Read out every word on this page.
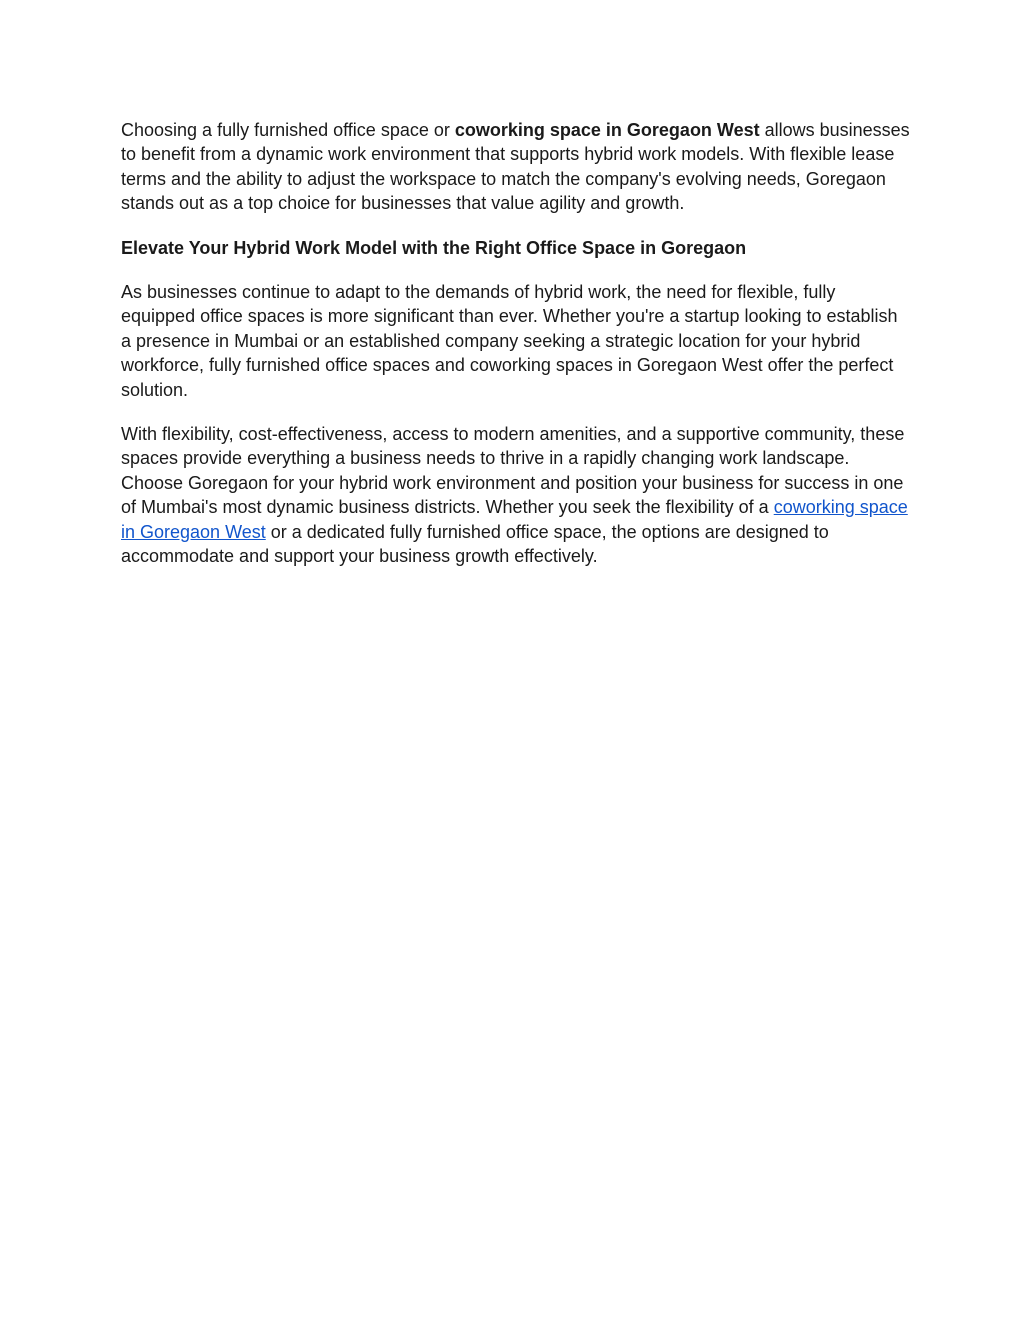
Choosing a fully furnished office space or coworking space in Goregaon West allows businesses to benefit from a dynamic work environment that supports hybrid work models. With flexible lease terms and the ability to adjust the workspace to match the company's evolving needs, Goregaon stands out as a top choice for businesses that value agility and growth.

Elevate Your Hybrid Work Model with the Right Office Space in Goregaon

As businesses continue to adapt to the demands of hybrid work, the need for flexible, fully equipped office spaces is more significant than ever. Whether you're a startup looking to establish a presence in Mumbai or an established company seeking a strategic location for your hybrid workforce, fully furnished office spaces and coworking spaces in Goregaon West offer the perfect solution.

With flexibility, cost-effectiveness, access to modern amenities, and a supportive community, these spaces provide everything a business needs to thrive in a rapidly changing work landscape. Choose Goregaon for your hybrid work environment and position your business for success in one of Mumbai's most dynamic business districts. Whether you seek the flexibility of a coworking space in Goregaon West or a dedicated fully furnished office space, the options are designed to accommodate and support your business growth effectively.
